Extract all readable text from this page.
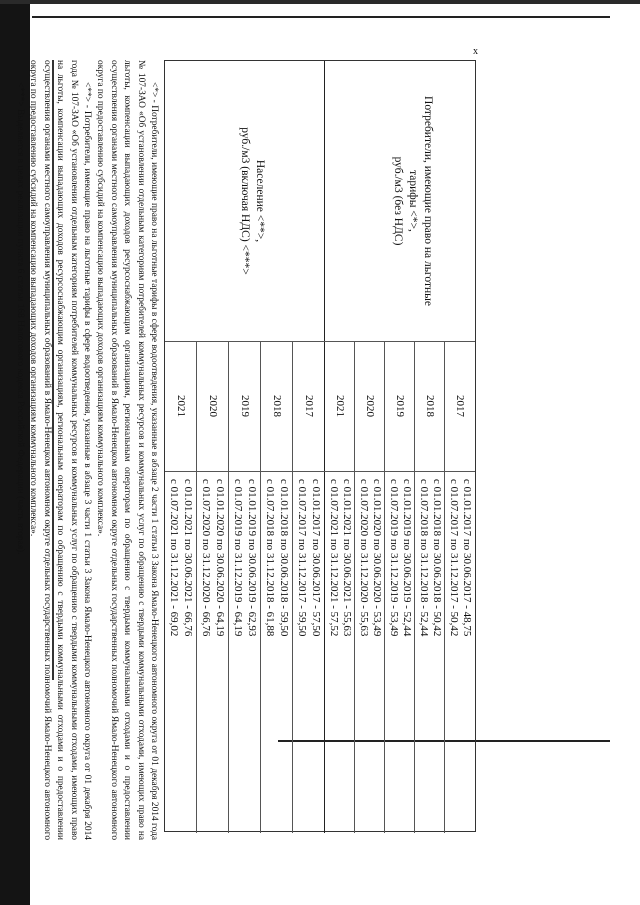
Потребители, имеющие право на льготные
тарифы <*>,
руб./м3 (без НДС)
Население <**>,
руб./м3 (включая НДС) <***>
2017
2018
2019
2020
2021
с 01.01.2017 по 30.06.2017 - 48,75
с 01.07.2017 по 31.12.2017 - 50,42
с 01.01.2018 по 30.06.2018 - 50,42
с 01.07.2018 по 31.12.2018 - 52,44
с 01.01.2019 по 30.06.2019 - 52,44
с 01.07.2019 по 31.12.2019 - 53,49
с 01.01.2020 по 30.06.2020 - 53,49
с 01.07.2020 по 31.12.2020 - 55,63
с 01.01.2021 по 30.06.2021 - 55,63
с 01.07.2021 по 31.12.2021 - 57,52
2017
2018
2019
2020
2021
с 01.01.2017 по 30.06.2017 - 57,50
с 01.07.2017 по 31.12.2017 - 59,50
с 01.01.2018 по 30.06.2018 - 59,50
с 01.07.2018 по 31.12.2018 - 61,88
с 01.01.2019 по 30.06.2019 - 62,93
с 01.07.2019 по 31.12.2019 - 64,19
с 01.01.2020 по 30.06.2020 - 64,19
с 01.07.2020 по 31.12.2020 - 66,76
с 01.01.2021 по 30.06.2021 - 66,76
с 01.07.2021 по 31.12.2021 - 69,02

<*> - Потребители, имеющие право на льготные тарифы в сфере водоотведения, указанные в абзаце 2 части 1 статьи 3 Закона Ямало-Ненецкого автономного округа от 01 декабря 2014 года № 107-ЗАО «Об установлении отдельным категориям потребителей коммунальных ресурсов и коммунальных услуг по обращению с твердыми коммунальными отходами, имеющих право на льготы, компенсации выпадающих доходов ресурсоснабжающим организациям, региональным операторам по обращению с твердыми коммунальными отходами и о предоставлении осуществления органами местного самоуправления муниципальных образований в Ямало-Ненецком автономном округе отдельных государственных полномочий Ямало-Ненецкого автономного округа по предоставлению субсидий на компенсацию выпадающих доходов организациям коммунального комплекса».

<**> - Потребители, имеющие право на льготные тарифы в сфере водоотведения, указанные в абзаце 3 части 1 статьи 3 Закона Ямало-Ненецкого автономного округа от 01 декабря 2014 года № 107-ЗАО «Об установлении отдельным категориям потребителей коммунальных ресурсов и коммунальных услуг по обращению с твердыми коммунальными отходами, имеющих право на льготы, компенсации выпадающих доходов ресурсоснабжающим организациям, региональным операторам по обращению с твердыми коммунальными отходами и о предоставлении осуществления органами местного самоуправления муниципальных образований в Ямало-Ненецком автономном округе отдельных государственных полномочий Ямало-Ненецкого автономного округа по предоставлению субсидий на компенсацию выпадающих доходов организациям коммунального комплекса».

<***> Выделяется в целях реализации пункта 6 статьи 168 Налогового кодекса Российской Федерации (часть вторая).

х
